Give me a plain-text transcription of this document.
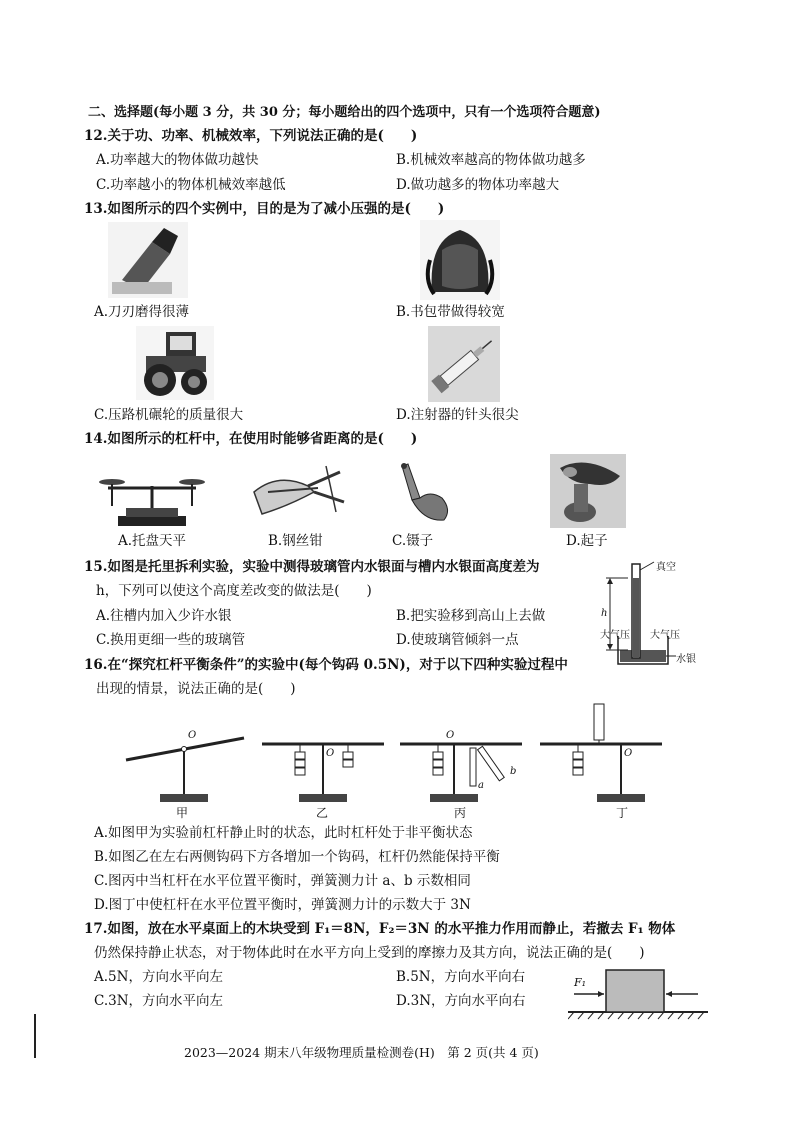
二、选择题(每小题 3 分，共 30 分；每小题给出的四个选项中，只有一个选项符合题意)
12.关于功、功率、机械效率，下列说法正确的是(　　)
A.功率越大的物体做功越快	B.机械效率越高的物体做功越多
C.功率越小的物体机械效率越低	D.做功越多的物体功率越大
13.如图所示的四个实例中，目的是为了减小压强的是(　　)
A.刀刃磨得很薄	B.书包带做得较宽
C.压路机碾轮的质量很大	D.注射器的针头很尖
14.如图所示的杠杆中，在使用时能够省距离的是(　　)
A.托盘天平	B.钢丝钳	C.镊子	D.起子
15.如图是托里拆利实验，实验中测得玻璃管内水银面与槽内水银面高度差为
h，下列可以使这个高度差改变的做法是(　　)
A.往槽内加入少许水银	B.把实验移到高山上去做
C.换用更细一些的玻璃管	D.使玻璃管倾斜一点
真空
h
大气压 大气压
水银
16.在“探究杠杆平衡条件”的实验中(每个钩码 0.5N)，对于以下四种实验过程中
出现的情景，说法正确的是(　　)
O
O
O
O
a
b
甲	乙	丙	丁
A.如图甲为实验前杠杆静止时的状态，此时杠杆处于非平衡状态
B.如图乙在左右两侧钩码下方各增加一个钩码，杠杆仍然能保持平衡
C.图丙中当杠杆在水平位置平衡时，弹簧测力计 a、b 示数相同
D.图丁中使杠杆在水平位置平衡时，弹簧测力计的示数大于 3N
17.如图，放在水平桌面上的木块受到 F₁＝8N，F₂＝3N 的水平推力作用而静止，若撤去 F₁ 物体
仍然保持静止状态，对于物体此时在水平方向上受到的摩擦力及其方向，说法正确的是(　　)
A.5N，方向水平向左	B.5N，方向水平向右
C.3N，方向水平向左	D.3N，方向水平向右
F₁
2023—2024 期末八年级物理质量检测卷(H)　第 2 页(共 4 页)
